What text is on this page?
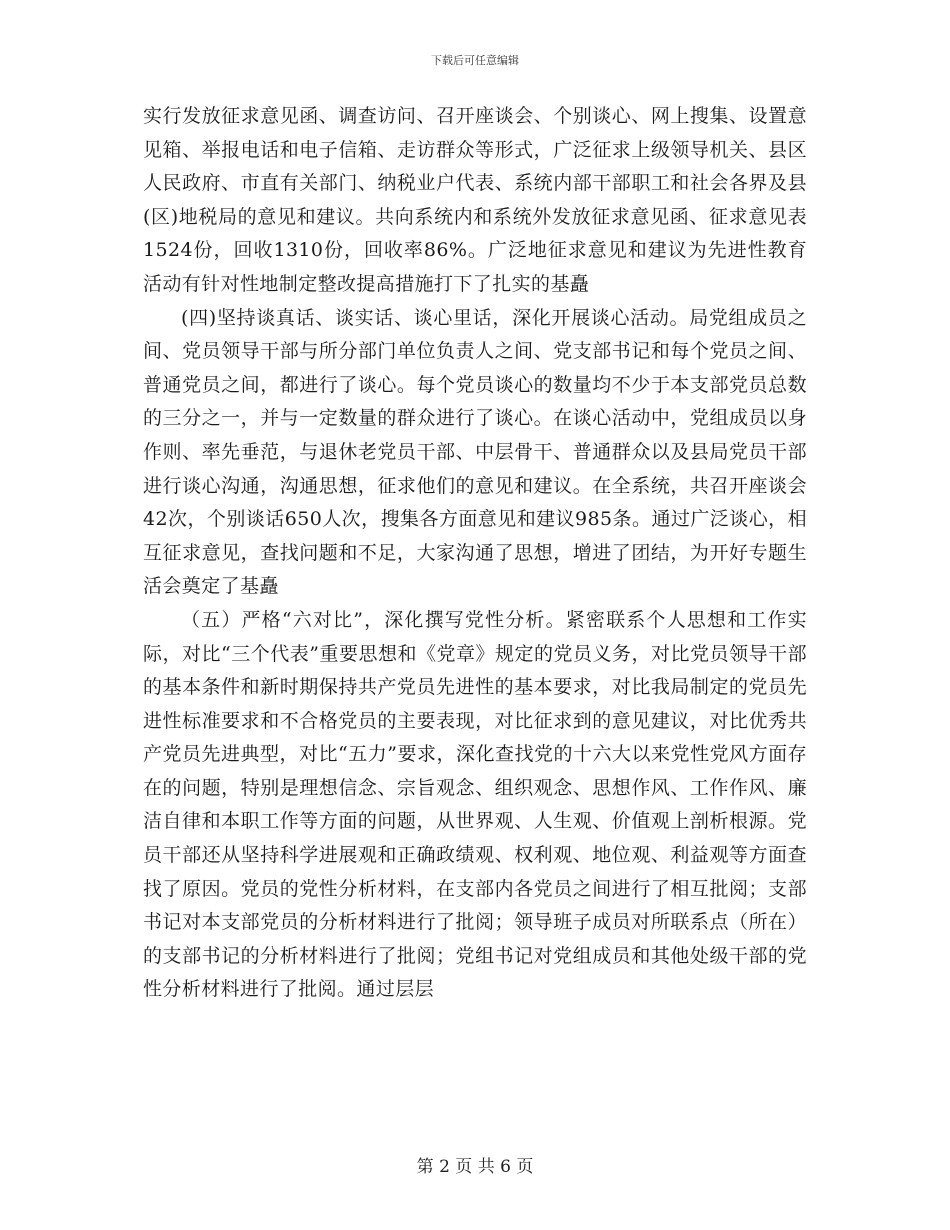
下载后可任意编辑

实行发放征求意见函、调查访问、召开座谈会、个别谈心、网上搜集、设置意见箱、举报电话和电子信箱、走访群众等形式，广泛征求上级领导机关、县区人民政府、市直有关部门、纳税业户代表、系统内部干部职工和社会各界及县(区)地税局的意见和建议。共向系统内和系统外发放征求意见函、征求意见表1524份，回收1310份，回收率86%。广泛地征求意见和建议为先进性教育活动有针对性地制定整改提高措施打下了扎实的基矗

(四)坚持谈真话、谈实话、谈心里话，深化开展谈心活动。局党组成员之间、党员领导干部与所分部门单位负责人之间、党支部书记和每个党员之间、普通党员之间，都进行了谈心。每个党员谈心的数量均不少于本支部党员总数的三分之一，并与一定数量的群众进行了谈心。在谈心活动中，党组成员以身作则、率先垂范，与退休老党员干部、中层骨干、普通群众以及县局党员干部进行谈心沟通，沟通思想，征求他们的意见和建议。在全系统，共召开座谈会42次，个别谈话650人次，搜集各方面意见和建议985条。通过广泛谈心，相互征求意见，查找问题和不足，大家沟通了思想，增进了团结，为开好专题生活会奠定了基矗

（五）严格“六对比”，深化撰写党性分析。紧密联系个人思想和工作实际，对比“三个代表”重要思想和《党章》规定的党员义务，对比党员领导干部的基本条件和新时期保持共产党员先进性的基本要求，对比我局制定的党员先进性标准要求和不合格党员的主要表现，对比征求到的意见建议，对比优秀共产党员先进典型，对比“五力”要求，深化查找党的十六大以来党性党风方面存在的问题，特别是理想信念、宗旨观念、组织观念、思想作风、工作作风、廉洁自律和本职工作等方面的问题，从世界观、人生观、价值观上剖析根源。党员干部还从坚持科学进展观和正确政绩观、权利观、地位观、利益观等方面查找了原因。党员的党性分析材料，在支部内各党员之间进行了相互批阅；支部书记对本支部党员的分析材料进行了批阅；领导班子成员对所联系点（所在）的支部书记的分析材料进行了批阅；党组书记对党组成员和其他处级干部的党性分析材料进行了批阅。通过层层

第 2 页 共 6 页
